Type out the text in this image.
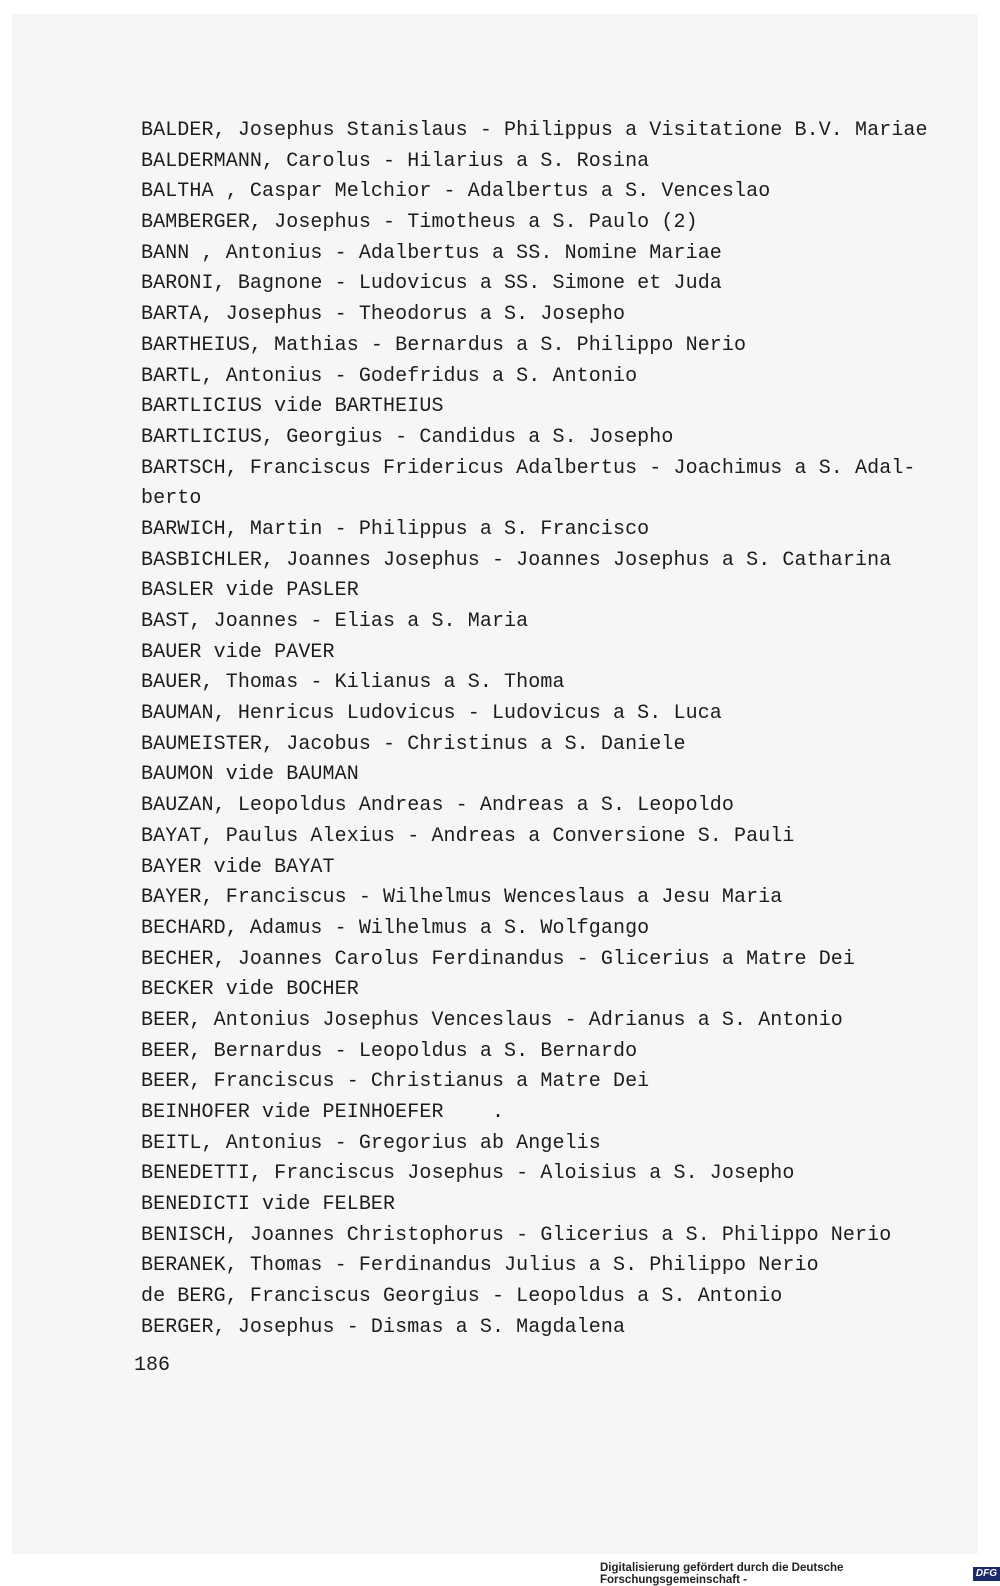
BALDER, Josephus Stanislaus - Philippus a Visitatione B.V. Mariae
BALDERMANN, Carolus - Hilarius a S. Rosina
BALTHA , Caspar Melchior - Adalbertus a S. Venceslao
BAMBERGER, Josephus - Timotheus a S. Paulo (2)
BANN , Antonius - Adalbertus a SS. Nomine Mariae
BARONI, Bagnone - Ludovicus a SS. Simone et Juda
BARTA, Josephus - Theodorus a S. Josepho
BARTHEIUS, Mathias - Bernardus a S. Philippo Nerio
BARTL, Antonius - Godefridus a S. Antonio
BARTLICIUS vide BARTHEIUS
BARTLICIUS, Georgius - Candidus a S. Josepho
BARTSCH, Franciscus Fridericus Adalbertus - Joachimus a S. Adal-
berto
BARWICH, Martin - Philippus a S. Francisco
BASBICHLER, Joannes Josephus - Joannes Josephus a S. Catharina
BASLER vide PASLER
BAST, Joannes - Elias a S. Maria
BAUER vide PAVER
BAUER, Thomas - Kilianus a S. Thoma
BAUMAN, Henricus Ludovicus - Ludovicus a S. Luca
BAUMEISTER, Jacobus - Christinus a S. Daniele
BAUMON vide BAUMAN
BAUZAN, Leopoldus Andreas - Andreas a S. Leopoldo
BAYAT, Paulus Alexius - Andreas a Conversione S. Pauli
BAYER vide BAYAT
BAYER, Franciscus - Wilhelmus Wenceslaus a Jesu Maria
BECHARD, Adamus - Wilhelmus a S. Wolfgango
BECHER, Joannes Carolus Ferdinandus - Glicerius a Matre Dei
BECKER vide BOCHER
BEER, Antonius Josephus Venceslaus - Adrianus a S. Antonio
BEER, Bernardus - Leopoldus a S. Bernardo
BEER, Franciscus - Christianus a Matre Dei
BEINHOFER vide PEINHOEFER    .
BEITL, Antonius - Gregorius ab Angelis
BENEDETTI, Franciscus Josephus - Aloisius a S. Josepho
BENEDICTI vide FELBER
BENISCH, Joannes Christophorus - Glicerius a S. Philippo Nerio
BERANEK, Thomas - Ferdinandus Julius a S. Philippo Nerio
de BERG, Franciscus Georgius - Leopoldus a S. Antonio
BERGER, Josephus - Dismas a S. Magdalena
186
Digitalisierung gefördert durch die Deutsche Forschungsgemeinschaft -
DFG
